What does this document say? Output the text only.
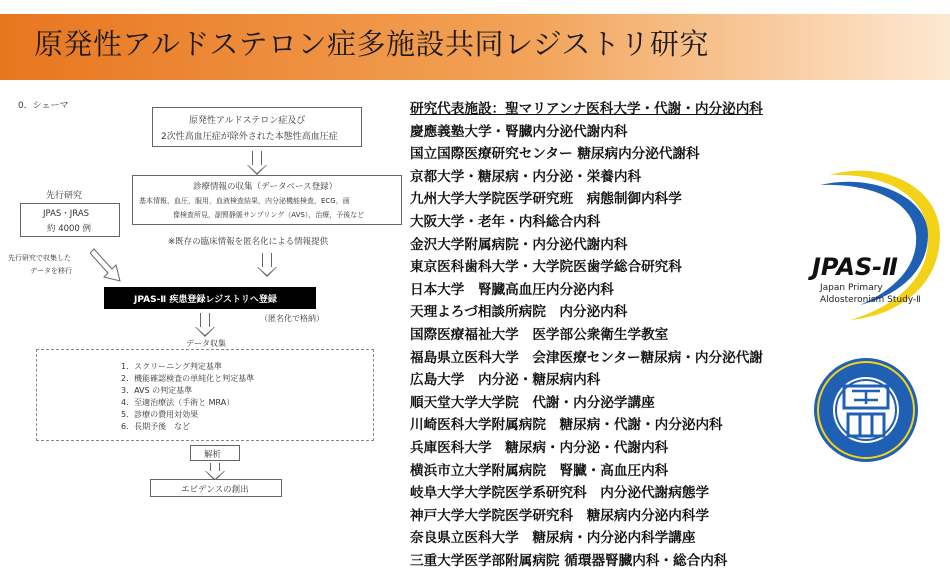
原発性アルドステロン症多施設共同レジストリ研究
0．シェーマ
原発性アルドステロン症及び
2次性高血圧症が除外された本態性高血圧症
診療情報の収集（データベース登録）
基本情報，血圧，服用，血液検査結果，内分泌機能検査，ECG，画
像検査所見，副腎静脈サンプリング（AVS），治療，予後など
先行研究
JPAS・JRAS
約 4000 例
※既存の臨床情報を匿名化による情報提供
先行研究で収集した
データを移行
JPAS-Ⅱ 疾患登録レジストリへ登録
（匿名化で格納）
データ収集
1．スクリーニング判定基準
2．機能確認検査の単純化と判定基準
3．AVS の判定基準
4．至適治療法（手術と MRA）
5．診療の費用対効果
6．長期予後　など
解析
エビデンスの創出
研究代表施設：聖マリアンナ医科大学・代謝・内分泌内科
慶應義塾大学・腎臓内分泌代謝内科
国立国際医療研究センター 糖尿病内分泌代謝科
京都大学・糖尿病・内分泌・栄養内科
九州大学大学院医学研究班　病態制御内科学
大阪大学・老年・内科総合内科
金沢大学附属病院・内分泌代謝内科
東京医科歯科大学・大学院医歯学総合研究科
日本大学　腎臓高血圧内分泌内科
天理よろづ相談所病院　内分泌内科
国際医療福祉大学　医学部公衆衛生学教室
福島県立医科大学　会津医療センター糖尿病・内分泌代謝
広島大学　内分泌・糖尿病内科
順天堂大学大学院　代謝・内分泌学講座
川崎医科大学附属病院　糖尿病・代謝・内分泌内科
兵庫医科大学　糖尿病・内分泌・代謝内科
横浜市立大学附属病院　腎臓・高血圧内科
岐阜大学大学院医学系研究科　内分泌代謝病態学
神戸大学大学院医学研究科　糖尿病内分泌内科学
奈良県立医科大学　糖尿病・内分泌内科学講座
三重大学医学部附属病院 循環器腎臓内科・総合内科
JPAS-Ⅱ
Japan Primary
Aldosteronism Study-Ⅱ
